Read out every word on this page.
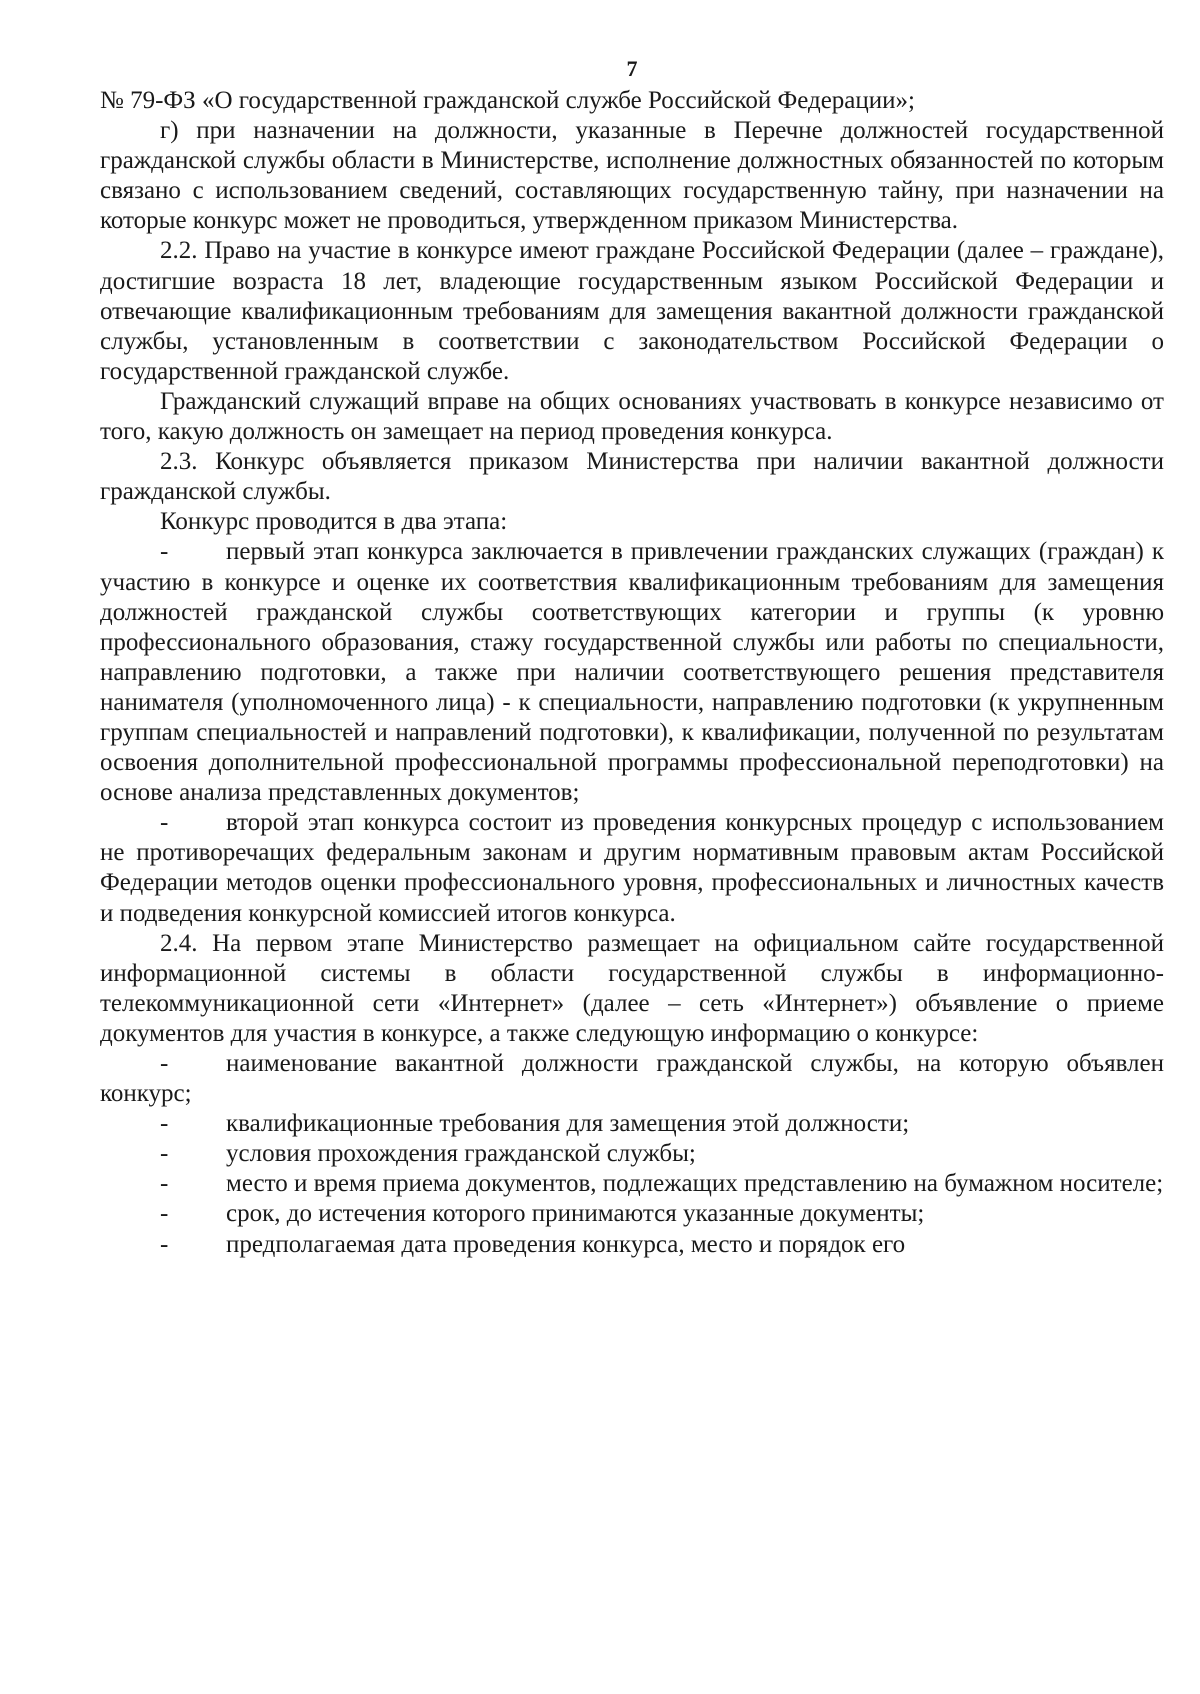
7

№ 79-ФЗ «О государственной гражданской службе Российской Федерации»;

г) при назначении на должности, указанные в Перечне должностей государственной гражданской службы области в Министерстве, исполнение должностных обязанностей по которым связано с использованием сведений, составляющих государственную тайну, при назначении на которые конкурс может не проводиться, утвержденном приказом Министерства.

2.2. Право на участие в конкурсе имеют граждане Российской Федерации (далее – граждане), достигшие возраста 18 лет, владеющие государственным языком Российской Федерации и отвечающие квалификационным требованиям для замещения вакантной должности гражданской службы, установленным в соответствии с законодательством Российской Федерации о государственной гражданской службе.

Гражданский служащий вправе на общих основаниях участвовать в конкурсе независимо от того, какую должность он замещает на период проведения конкурса.

2.3. Конкурс объявляется приказом Министерства при наличии вакантной должности гражданской службы.

Конкурс проводится в два этапа:

- первый этап конкурса заключается в привлечении гражданских служащих (граждан) к участию в конкурсе и оценке их соответствия квалификационным требованиям для замещения должностей гражданской службы соответствующих категории и группы (к уровню профессионального образования, стажу государственной службы или работы по специальности, направлению подготовки, а также при наличии соответствующего решения представителя нанимателя (уполномоченного лица) - к специальности, направлению подготовки (к укрупненным группам специальностей и направлений подготовки), к квалификации, полученной по результатам освоения дополнительной профессиональной программы профессиональной переподготовки) на основе анализа представленных документов;

- второй этап конкурса состоит из проведения конкурсных процедур с использованием не противоречащих федеральным законам и другим нормативным правовым актам Российской Федерации методов оценки профессионального уровня, профессиональных и личностных качеств и подведения конкурсной комиссией итогов конкурса.

2.4. На первом этапе Министерство размещает на официальном сайте государственной информационной системы в области государственной службы в информационно-телекоммуникационной сети «Интернет» (далее – сеть «Интернет») объявление о приеме документов для участия в конкурсе, а также следующую информацию о конкурсе:

- наименование вакантной должности гражданской службы, на которую объявлен конкурс;

- квалификационные требования для замещения этой должности;

- условия прохождения гражданской службы;

- место и время приема документов, подлежащих представлению на бумажном носителе;

- срок, до истечения которого принимаются указанные документы;

- предполагаемая дата проведения конкурса, место и порядок его
